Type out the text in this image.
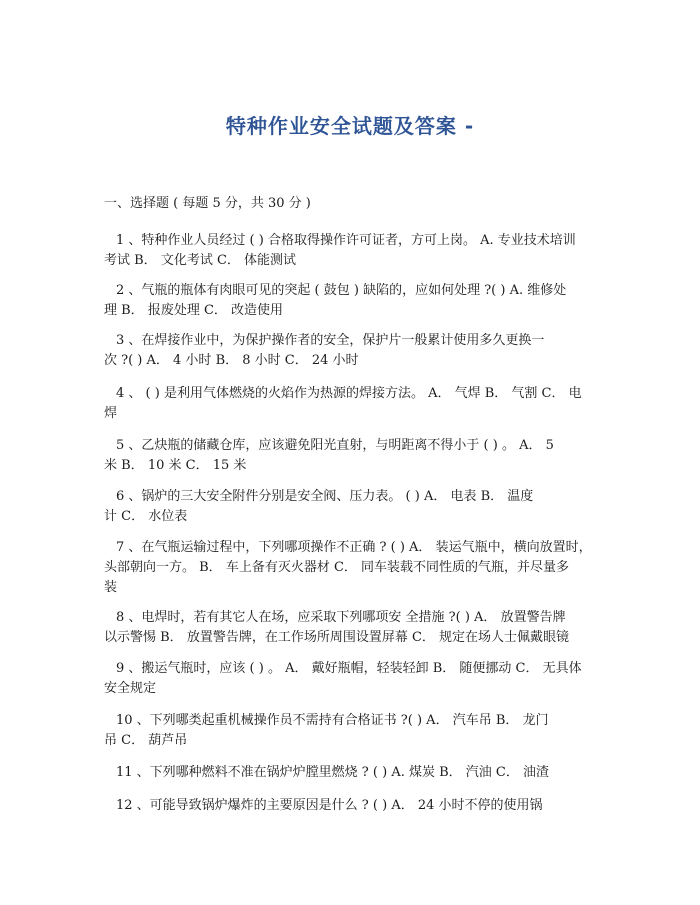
特种作业安全试题及答案 -
一、选择题 ( 每题 5 分，共 30 分 )
1 、特种作业人员经过 ( ) 合格取得操作许可证者，方可上岗。 A. 专业技术培训
考试 B． 文化考试 C． 体能测试
2 、气瓶的瓶体有肉眼可见的突起 ( 鼓包 ) 缺陷的，应如何处理 ?( ) A. 维修处
理 B． 报废处理 C． 改造使用
3 、在焊接作业中，为保护操作者的安全，保护片一般累计使用多久更换一
次 ?( ) A． 4 小时 B． 8 小时 C． 24 小时
4 、 ( ) 是利用气体燃烧的火焰作为热源的焊接方法。 A． 气焊 B． 气割 C． 电
焊
5 、乙炔瓶的储藏仓库，应该避免阳光直射，与明距离不得小于 ( ) 。 A． 5
米 B． 10 米 C． 15 米
6 、锅炉的三大安全附件分别是安全阀、压力表。 ( ) A． 电表 B． 温度
计 C． 水位表
7 、在气瓶运输过程中，下列哪项操作不正确 ? ( ) A． 装运气瓶中，横向放置时，
头部朝向一方。 B． 车上备有灭火器材 C． 同车装载不同性质的气瓶，并尽量多
装
8 、电焊时，若有其它人在场，应采取下列哪项安 全措施 ?( ) A． 放置警告牌
以示警惕 B． 放置警告牌，在工作场所周围设置屏幕 C． 规定在场人士佩戴眼镜
9 、搬运气瓶时，应该 ( ) 。 A． 戴好瓶帽，轻装轻卸 B． 随便挪动 C． 无具体
安全规定
10 、下列哪类起重机械操作员不需持有合格证书 ?( ) A． 汽车吊 B． 龙门
吊 C． 葫芦吊
11 、下列哪种燃料不准在锅炉炉膛里燃烧 ? ( ) A. 煤炭 B． 汽油 C． 油渣
12 、可能导致锅炉爆炸的主要原因是什么 ? ( ) A． 24 小时不停的使用锅
